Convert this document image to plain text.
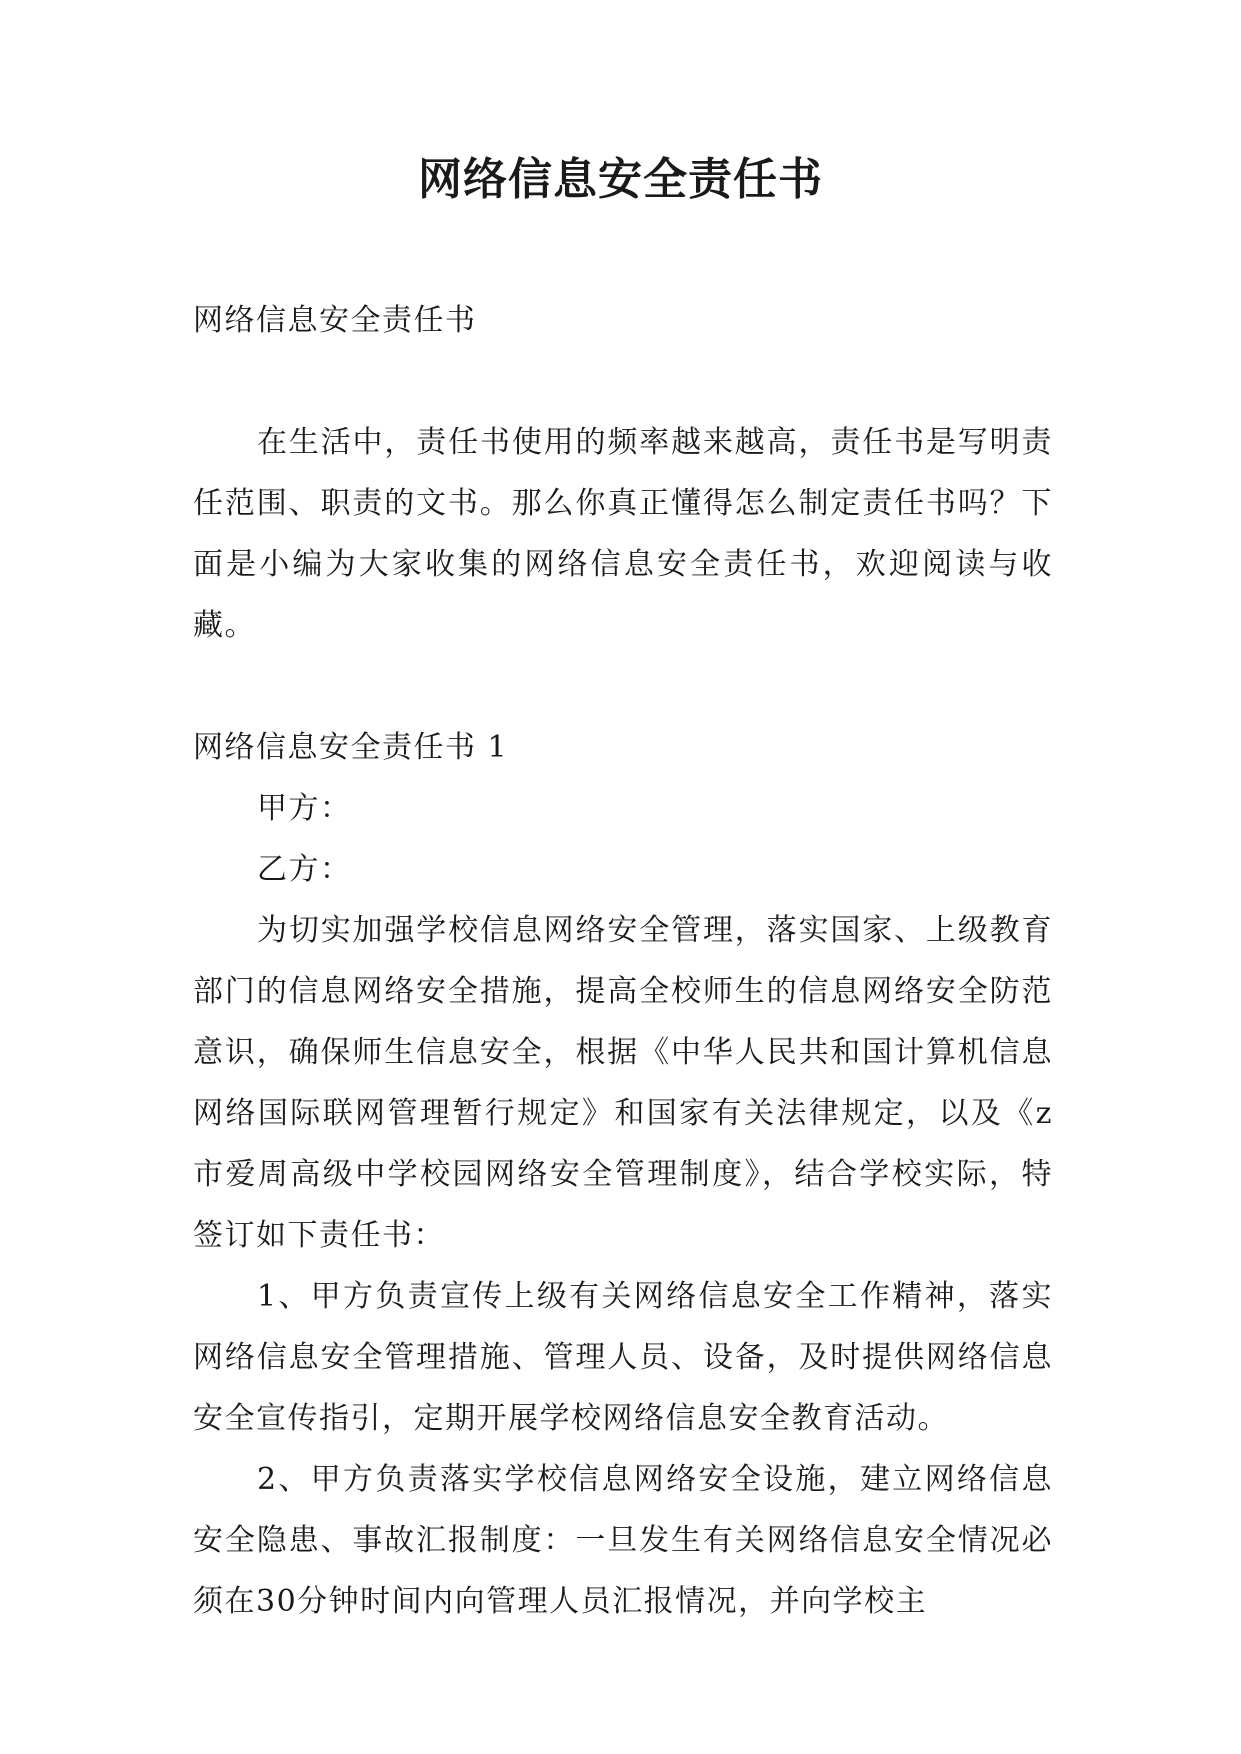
网络信息安全责任书

网络信息安全责任书

在生活中，责任书使用的频率越来越高，责任书是写明责任范围、职责的文书。那么你真正懂得怎么制定责任书吗？下面是小编为大家收集的网络信息安全责任书，欢迎阅读与收藏。

网络信息安全责任书 1

甲方：

乙方：

为切实加强学校信息网络安全管理，落实国家、上级教育部门的信息网络安全措施，提高全校师生的信息网络安全防范意识，确保师生信息安全，根据《中华人民共和国计算机信息网络国际联网管理暂行规定》和国家有关法律规定，以及《z市爱周高级中学校园网络安全管理制度》，结合学校实际，特签订如下责任书：

1、甲方负责宣传上级有关网络信息安全工作精神，落实网络信息安全管理措施、管理人员、设备，及时提供网络信息安全宣传指引，定期开展学校网络信息安全教育活动。

2、甲方负责落实学校信息网络安全设施，建立网络信息安全隐患、事故汇报制度：一旦发生有关网络信息安全情况必须在30分钟时间内向管理人员汇报情况，并向学校主
